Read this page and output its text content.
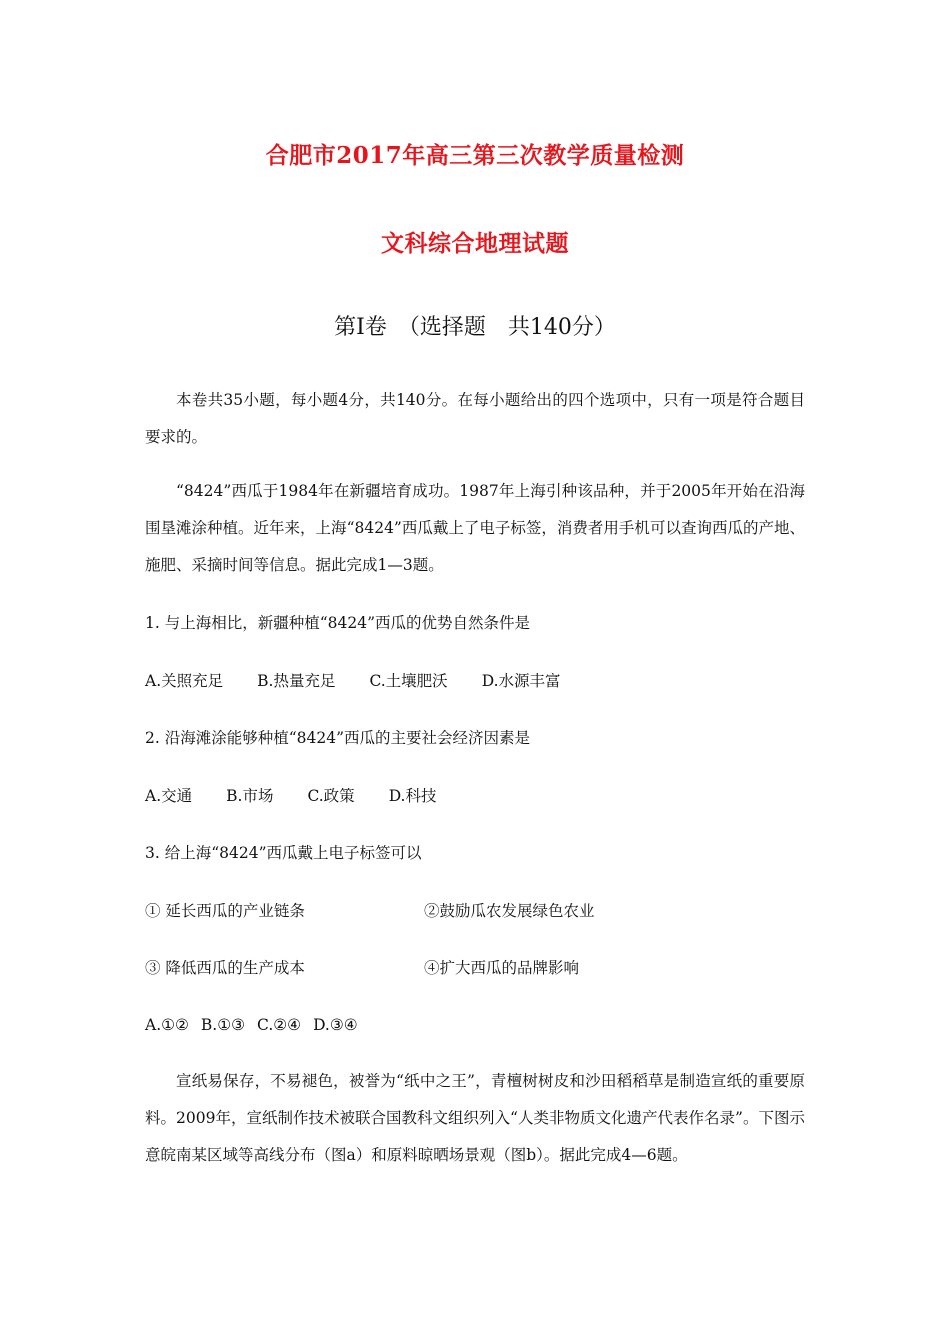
合肥市2017年高三第三次教学质量检测
文科综合地理试题
第Ⅰ卷　（选择题　共140分）

本卷共35小题，每小题4分，共140分。在每小题给出的四个选项中，只有一项是符合题目要求的。

“8424”西瓜于1984年在新疆培育成功。1987年上海引种该品种，并于2005年开始在沿海围垦滩涂种植。近年来，上海“8424”西瓜戴上了电子标签，消费者用手机可以查询西瓜的产地、施肥、采摘时间等信息。据此完成1—3题。

1. 与上海相比，新疆种植“8424”西瓜的优势自然条件是
A.关照充足 B.热量充足 C.土壤肥沃 D.水源丰富
2. 沿海滩涂能够种植“8424”西瓜的主要社会经济因素是
A.交通 B.市场 C.政策 D.科技
3. 给上海“8424”西瓜戴上电子标签可以
① 延长西瓜的产业链条	②鼓励瓜农发展绿色农业
③ 降低西瓜的生产成本	④扩大西瓜的品牌影响
A.①② B.①③ C.②④ D.③④

宣纸易保存，不易褪色，被誉为“纸中之王”，青檀树树皮和沙田稻稻草是制造宣纸的重要原料。2009年，宣纸制作技术被联合国教科文组织列入“人类非物质文化遗产代表作名录”。下图示意皖南某区域等高线分布（图a）和原料晾晒场景观（图b）。据此完成4—6题。
